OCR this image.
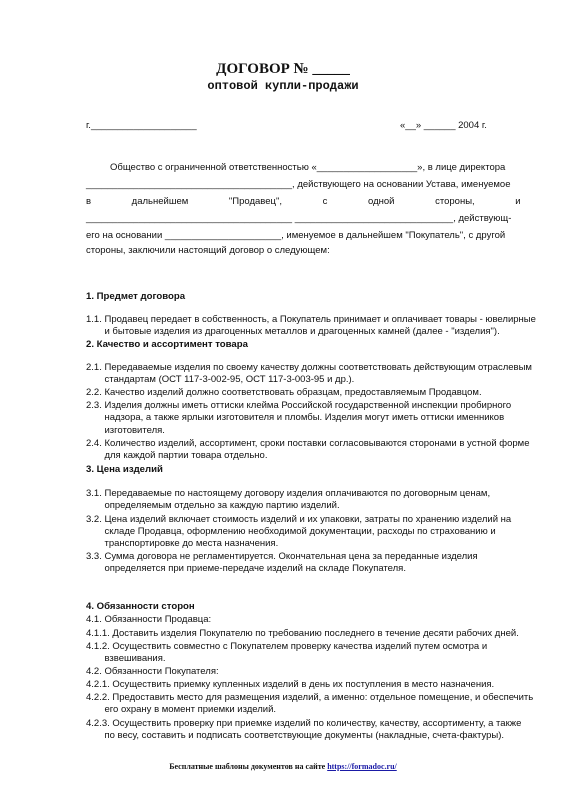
ДОГОВОР № _____
оптовой купли-продажи
г.____________________	«__» ______ 2004 г.
Общество с ограниченной ответственностью «___________________», в лице директора
_______________________________________, действующего на основании Устава, именуемое
в дальнейшем "Продавец", с одной стороны, и
_______________________________________ ______________________________, действующ-
его на основании ______________________, именуемое в дальнейшем "Покупатель", с другой
стороны, заключили настоящий договор о следующем:
1. Предмет договора
1.1. Продавец передает в собственность, а Покупатель принимает и оплачивает товары - ювелирные
и бытовые изделия из драгоценных металлов и драгоценных камней (далее - "изделия").
2. Качество и ассортимент товара
2.1. Передаваемые изделия по своему качеству должны соответствовать действующим отраслевым
стандартам (ОСТ 117-3-002-95, ОСТ 117-3-003-95 и др.).
2.2. Качество изделий должно соответствовать образцам, предоставляемым Продавцом.
2.3. Изделия должны иметь оттиски клейма Российской государственной инспекции пробирного
надзора, а также ярлыки изготовителя и пломбы. Изделия могут иметь оттиски именников
изготовителя.
2.4. Количество изделий, ассортимент, сроки поставки согласовываются сторонами в устной форме
для каждой партии товара отдельно.
3. Цена изделий
3.1. Передаваемые по настоящему договору изделия оплачиваются по договорным ценам,
определяемым отдельно за каждую партию изделий.
3.2. Цена изделий включает стоимость изделий и их упаковки, затраты по хранению изделий на
складе Продавца, оформлению необходимой документации, расходы по страхованию и
транспортировке до места назначения.
3.3. Сумма договора не регламентируется. Окончательная цена за переданные изделия
определяется при приеме-передаче изделий на складе Покупателя.
4. Обязанности сторон
4.1. Обязанности Продавца:
4.1.1. Доставить изделия Покупателю по требованию последнего в течение десяти рабочих дней.
4.1.2. Осуществить совместно с Покупателем проверку качества изделий путем осмотра и
взвешивания.
4.2. Обязанности Покупателя:
4.2.1. Осуществить приемку купленных изделий в день их поступления в место назначения.
4.2.2. Предоставить место для размещения изделий, а именно: отдельное помещение, и обеспечить
его охрану в момент приемки изделий.
4.2.3. Осуществить проверку при приемке изделий по количеству, качеству, ассортименту, а также
по весу, составить и подписать соответствующие документы (накладные, счета-фактуры).
Бесплатные шаблоны документов на сайте https://formadoc.ru/
